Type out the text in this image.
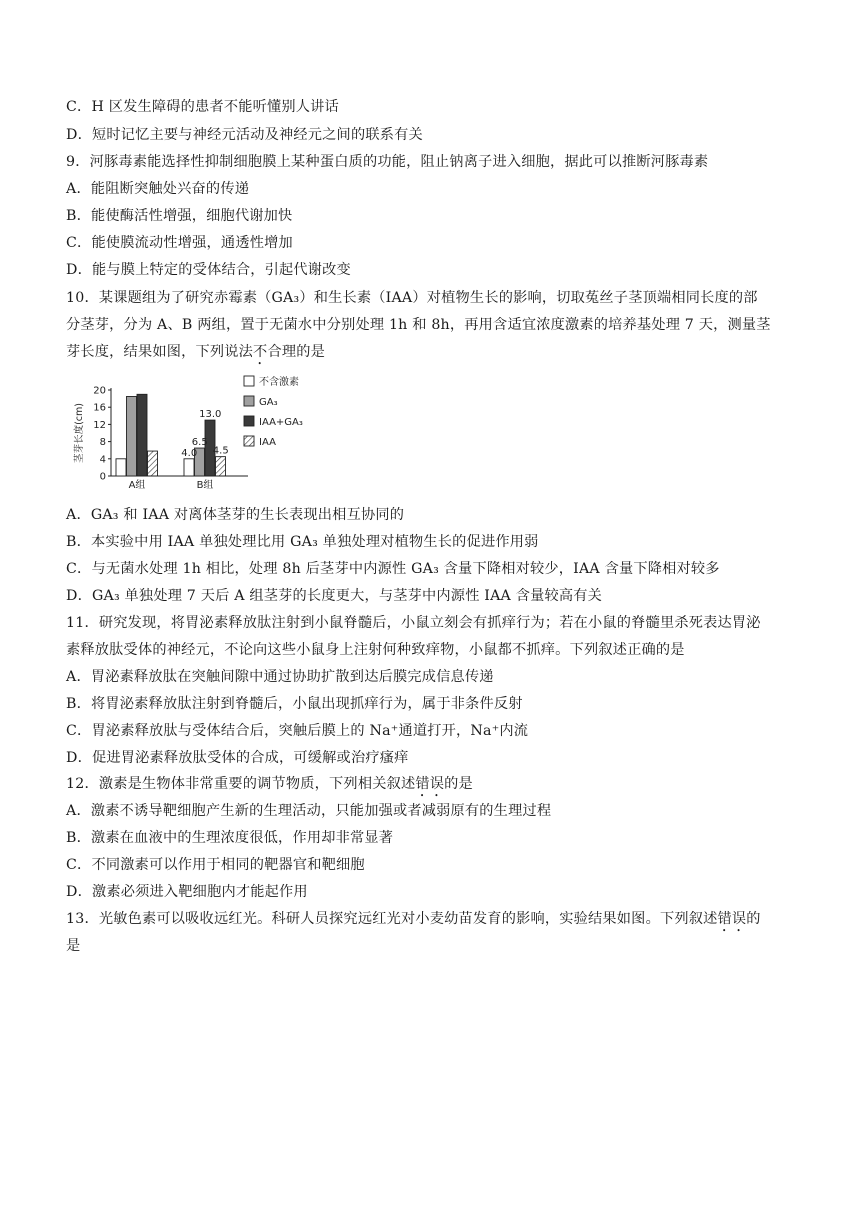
C．H 区发生障碍的患者不能听懂别人讲话
D．短时记忆主要与神经元活动及神经元之间的联系有关
9．河豚毒素能选择性抑制细胞膜上某种蛋白质的功能，阻止钠离子进入细胞，据此可以推断河豚毒素
A．能阻断突触处兴奋的传递
B．能使酶活性增强，细胞代谢加快
C．能使膜流动性增强，通透性增加
D．能与膜上特定的受体结合，引起代谢改变
10．某课题组为了研究赤霉素（GA₃）和生长素（IAA）对植物生长的影响，切取菟丝子茎顶端相同长度的部
分茎芽，分为 A、B 两组，置于无菌水中分别处理 1h 和 8h，再用含适宜浓度激素的培养基处理 7 天，测量茎
芽长度，结果如图，下列说法不合理的是
0
4
8
12
16
20
茎芽长度(cm)
A组	B组
4.0
6.5
13.0
4.5
不含激素
GA₃
IAA+GA₃
IAA
A．GA₃ 和 IAA 对离体茎芽的生长表现出相互协同的
B．本实验中用 IAA 单独处理比用 GA₃ 单独处理对植物生长的促进作用弱
C．与无菌水处理 1h 相比，处理 8h 后茎芽中内源性 GA₃ 含量下降相对较少，IAA 含量下降相对较多
D．GA₃ 单独处理 7 天后 A 组茎芽的长度更大，与茎芽中内源性 IAA 含量较高有关
11．研究发现，将胃泌素释放肽注射到小鼠脊髓后，小鼠立刻会有抓痒行为；若在小鼠的脊髓里杀死表达胃泌
素释放肽受体的神经元，不论向这些小鼠身上注射何种致痒物，小鼠都不抓痒。下列叙述正确的是
A．胃泌素释放肽在突触间隙中通过协助扩散到达后膜完成信息传递
B．将胃泌素释放肽注射到脊髓后，小鼠出现抓痒行为，属于非条件反射
C．胃泌素释放肽与受体结合后，突触后膜上的 Na⁺通道打开，Na⁺内流
D．促进胃泌素释放肽受体的合成，可缓解或治疗瘙痒
12．激素是生物体非常重要的调节物质，下列相关叙述错误的是
A．激素不诱导靶细胞产生新的生理活动，只能加强或者减弱原有的生理过程
B．激素在血液中的生理浓度很低，作用却非常显著
C．不同激素可以作用于相同的靶器官和靶细胞
D．激素必须进入靶细胞内才能起作用
13．光敏色素可以吸收远红光。科研人员探究远红光对小麦幼苗发育的影响，实验结果如图。下列叙述错误的
是
